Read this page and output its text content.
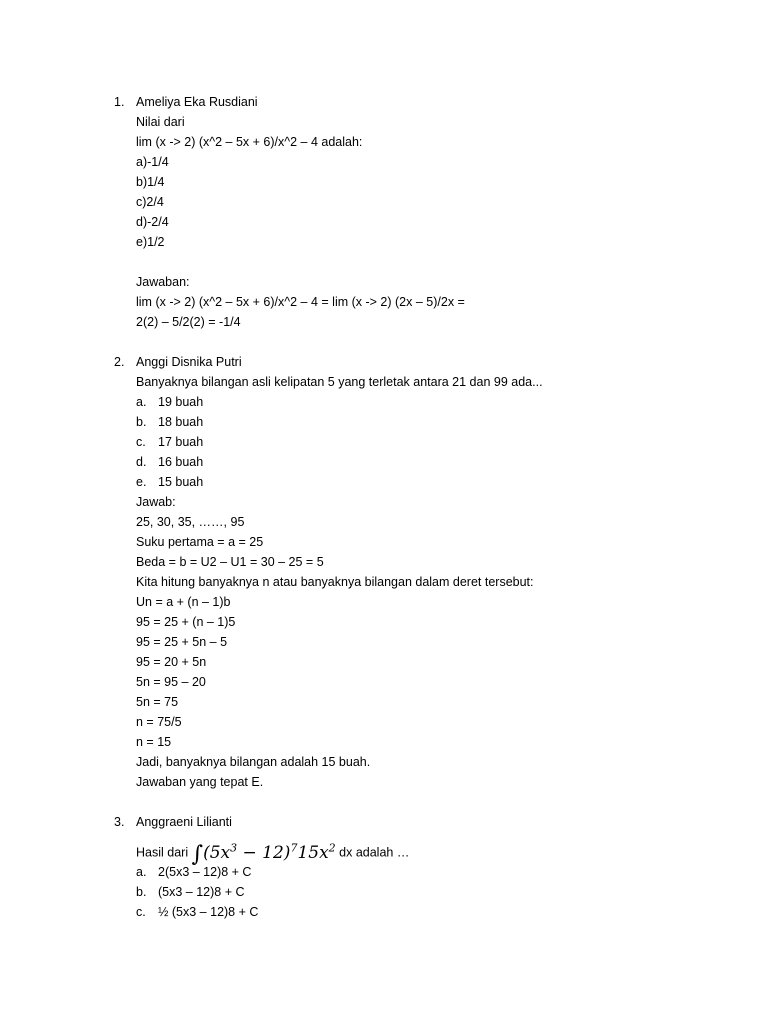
1. Ameliya Eka Rusdiani
Nilai dari
lim (x -> 2) (x^2 – 5x + 6)/x^2 – 4 adalah:
a)-1/4
b)1/4
c)2/4
d)-2/4
e)1/2
Jawaban:
lim (x -> 2) (x^2 – 5x + 6)/x^2 – 4 = lim (x -> 2) (2x – 5)/2x =
2(2) – 5/2(2) = -1/4
2. Anggi Disnika Putri
Banyaknya bilangan asli kelipatan 5 yang terletak antara 21 dan 99 ada...
a. 19 buah
b. 18 buah
c. 17 buah
d. 16 buah
e. 15 buah
Jawab:
25, 30, 35, ……, 95
Suku pertama = a = 25
Beda = b = U2 – U1 = 30 – 25 = 5
Kita hitung banyaknya n atau banyaknya bilangan dalam deret tersebut:
Un = a + (n – 1)b
95 = 25 + (n – 1)5
95 = 25 + 5n – 5
95 = 20 + 5n
5n = 95 – 20
5n = 75
n = 75/5
n = 15
Jadi, banyaknya bilangan adalah 15 buah.
Jawaban yang tepat E.
3. Anggraeni Lilianti
Hasil dari $\int(5x^3 - 12)^715x^2$ dx adalah …
a. 2(5x3 – 12)8 + C
b. (5x3 – 12)8 + C
c. ½ (5x3 – 12)8 + C
